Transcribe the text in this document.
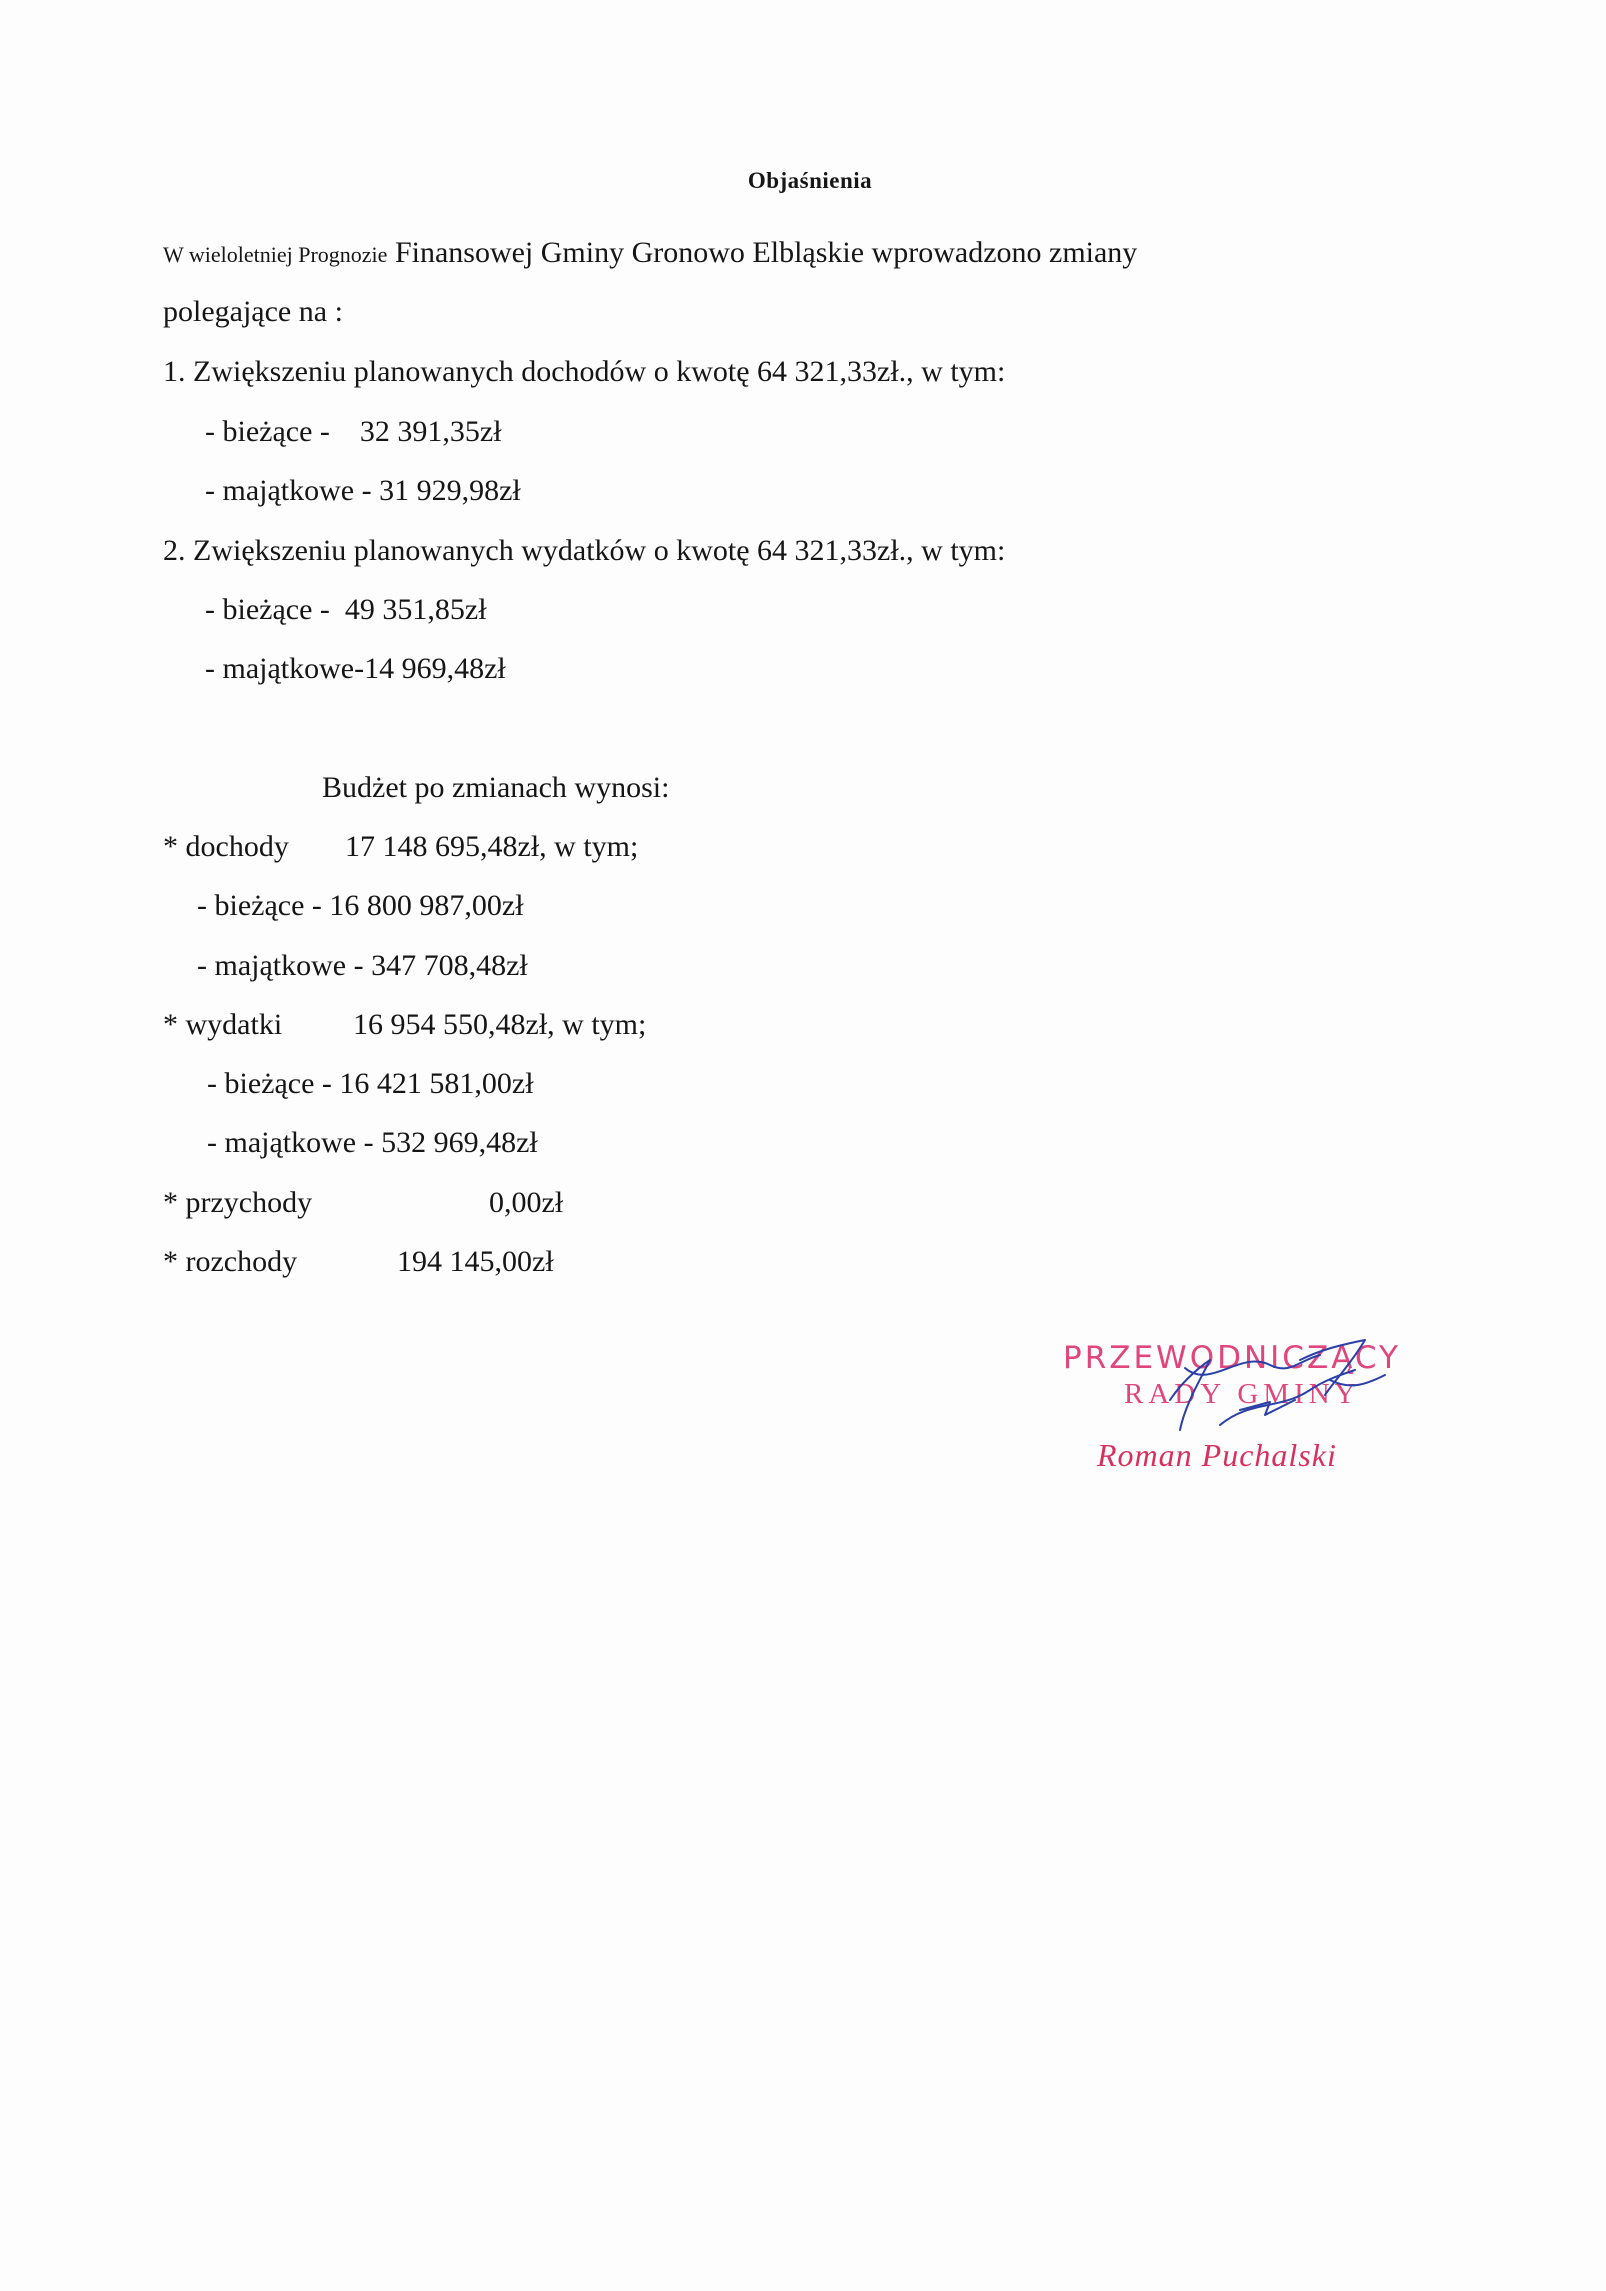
Objaśnienia
W wieloletniej Prognozie Finansowej Gminy Gronowo Elbląskie wprowadzono zmiany
polegające na :
1. Zwiększeniu planowanych dochodów o kwotę 64 321,33zł., w tym:
- bieżące -    32 391,35zł
- majątkowe - 31 929,98zł
2. Zwiększeniu planowanych wydatków o kwotę 64 321,33zł., w tym:
- bieżące -  49 351,85zł
- majątkowe-14 969,48zł
Budżet po zmianach wynosi:
* dochody 17 148 695,48zł, w tym;
- bieżące - 16 800 987,00zł
- majątkowe - 347 708,48zł
* wydatki 16 954 550,48zł, w tym;
- bieżące - 16 421 581,00zł
- majątkowe - 532 969,48zł
* przychody	0,00zł
* rozchody	194 145,00zł
PRZEWODNICZĄCY
RADY GMINY
Roman Puchalski
